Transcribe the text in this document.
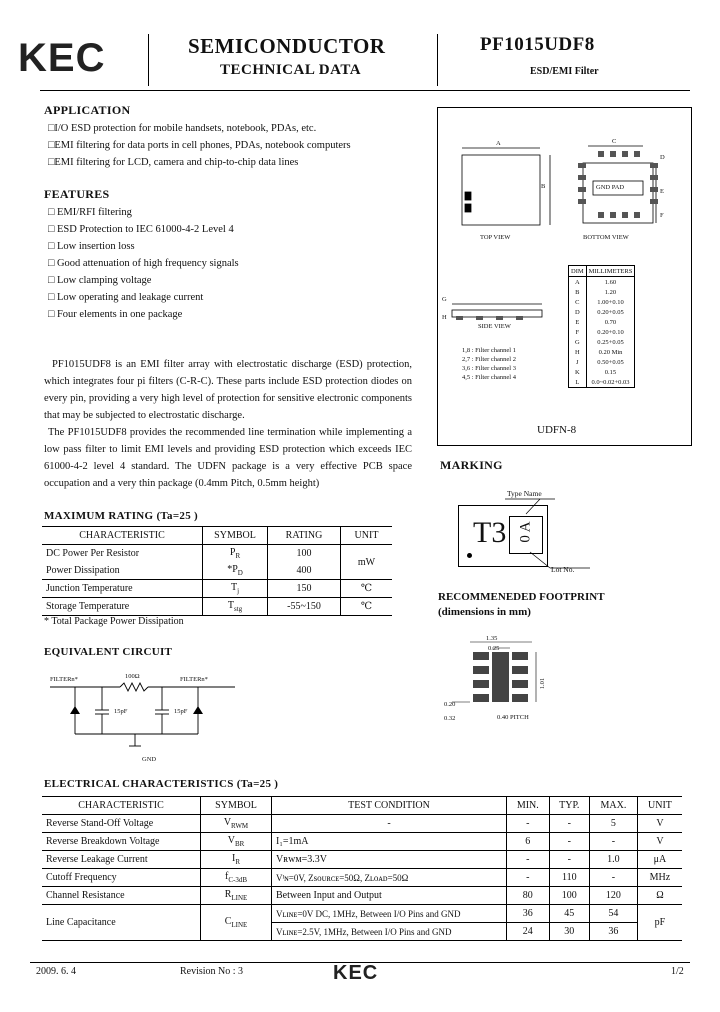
KEC	SEMICONDUCTOR
TECHNICAL DATA
PF1015UDF8
ESD/EMI Filter
APPLICATION
□I/O ESD protection for mobile handsets, notebook, PDAs, etc.
□EMI filtering for data ports in cell phones, PDAs, notebook computers
□EMI filtering for LCD, camera and chip-to-chip data lines
FEATURES
□ EMI/RFI filtering
□ ESD Protection to IEC 61000-4-2 Level 4
□ Low insertion loss
□ Good attenuation of high frequency signals
□ Low clamping voltage
□ Low operating and leakage current
□ Four elements in one package
PF1015UDF8 is an EMI filter array with electrostatic discharge (ESD) protection, which integrates four pi filters (C-R-C). These parts include ESD protection diodes on every pin, providing a very high level of protection for sensitive electronic components that may be subjected to electrostatic discharge.
The PF1015UDF8 provides the recommended line termination while implementing a low pass filter to limit EMI levels and providing ESD protection which exceeds IEC 61000-4-2 level 4 standard. The UDFN package is a very effective PCB space occupation and a very thin package (0.4mm Pitch, 0.5mm height)
A
B
C
D
E
F
G
H
GND PAD
TOP VIEW	BOTTOM VIEW
SIDE VIEW
1,8 : Filter channel 1
2,7 : Filter channel 2
3,6 : Filter channel 3
4,5 : Filter channel 4
DIM	MILLIMETERS
A	1.60
B	1.20
C	1.00+0.10
D	0.20+0.05
E	0.70
F	0.20+0.10
G	0.25+0.05
H	0.20 Min
J	0.50+0.05
K	0.15
L	0.0~0.02+0.03
UDFN-8
MARKING
Type Name
T3 0 A
Lot No.
RECOMMENEDED FOOTPRINT
(dimensions in mm)
1.35
0.25
1.01
0.20
0.32	0.40 PITCH
MAXIMUM RATING (Ta=25 )
CHARACTERISTIC	SYMBOL	RATING	UNIT
DC Power Per Resistor	$P_R$	100	mW
Power Dissipation	$*P_D$	400	
Junction Temperature	$T_j$	150	℃
Storage Temperature	$T_{stg}$	-55~150	℃
* Total Package Power Dissipation
EQUIVALENT CIRCUIT
FILTERn*	FILTERn*
100Ω
15pF	15pF
GND
ELECTRICAL CHARACTERISTICS (Ta=25 )
CHARACTERISTIC	SYMBOL	TEST CONDITION	MIN.	TYP.	MAX.	UNIT
Reverse Stand-Off Voltage	$V_{RWM}$	-	-	-	5	V
Reverse Breakdown Voltage	$V_{BR}$	I₁=1mA	6	-	-	V
Reverse Leakage Current	$I_R$	Vʀᴡᴍ=3.3V	-	-	1.0	μA
Cutoff Frequency	$f_{C-3dB}$	Vᴵɴ=0V, Zsᴏᴜʀᴄᴇ=50Ω, Zʟᴏᴀᴅ=50Ω	-	110	-	MHz
Channel Resistance	$R_{LINE}$	Between Input and Output	80	100	120	Ω
Line Capacitance	$C_{LINE}$	Vʟɪɴᴇ=0V DC, 1MHz, Between I/O Pins and GND	36	45	54	pF
		Vʟɪɴᴇ=2.5V, 1MHz, Between I/O Pins and GND	24	30	36	
2009. 6. 4	Revision No : 3	KEC	1/2
